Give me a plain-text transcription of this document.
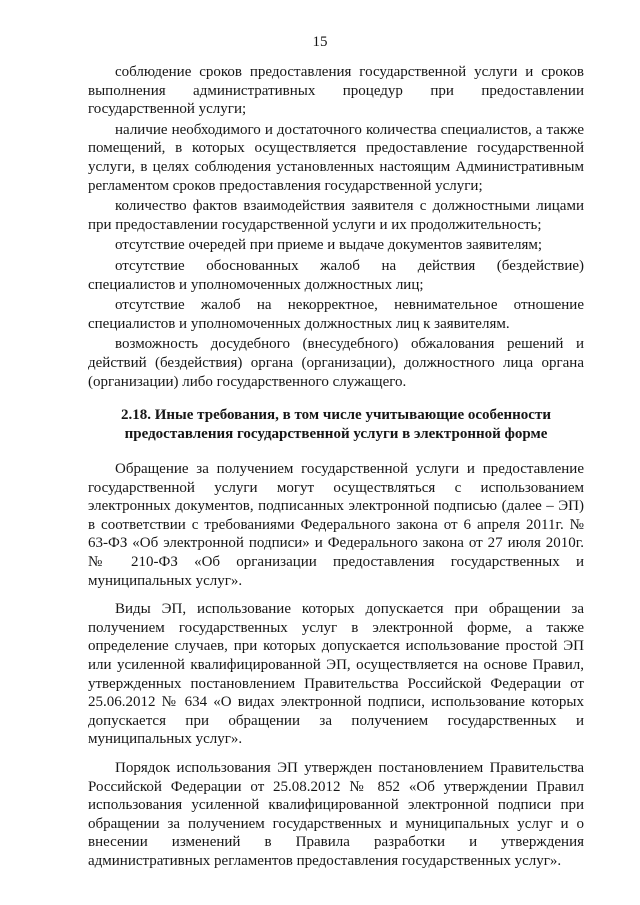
15

соблюдение сроков предоставления государственной услуги и сроков выполнения административных процедур при предоставлении государственной услуги;

наличие необходимого и достаточного количества специалистов, а также помещений, в которых осуществляется предоставление государственной услуги, в целях соблюдения установленных настоящим Административным регламентом сроков предоставления государственной услуги;

количество фактов взаимодействия заявителя с должностными лицами при предоставлении государственной услуги и их продолжительность;

отсутствие очередей при приеме и выдаче документов заявителям;

отсутствие обоснованных жалоб на действия (бездействие) специалистов и уполномоченных должностных лиц;

отсутствие жалоб на некорректное, невнимательное отношение специалистов и уполномоченных должностных лиц к заявителям.

возможность досудебного (внесудебного) обжалования решений и действий (бездействия) органа (организации), должностного лица органа (организации) либо государственного служащего.

2.18. Иные требования, в том числе учитывающие особенности
предоставления государственной услуги в электронной форме

Обращение за получением государственной услуги и предоставление государственной услуги могут осуществляться с использованием электронных документов, подписанных электронной подписью (далее – ЭП) в соответствии с требованиями Федерального закона от 6 апреля 2011г. № 63-ФЗ «Об электронной подписи» и Федерального закона от 27 июля 2010г. № 210-ФЗ «Об организации предоставления государственных и муниципальных услуг».

Виды ЭП, использование которых допускается при обращении за получением государственных услуг в электронной форме, а также определение случаев, при которых допускается использование простой ЭП или усиленной квалифицированной ЭП, осуществляется на основе Правил, утвержденных постановлением Правительства Российской Федерации от 25.06.2012 № 634 «О видах электронной подписи, использование которых допускается при обращении за получением государственных и муниципальных услуг».

Порядок использования ЭП утвержден постановлением Правительства Российской Федерации от 25.08.2012 № 852 «Об утверждении Правил использования усиленной квалифицированной электронной подписи при обращении за получением государственных и муниципальных услуг и о внесении изменений в Правила разработки и утверждения административных регламентов предоставления государственных услуг».
